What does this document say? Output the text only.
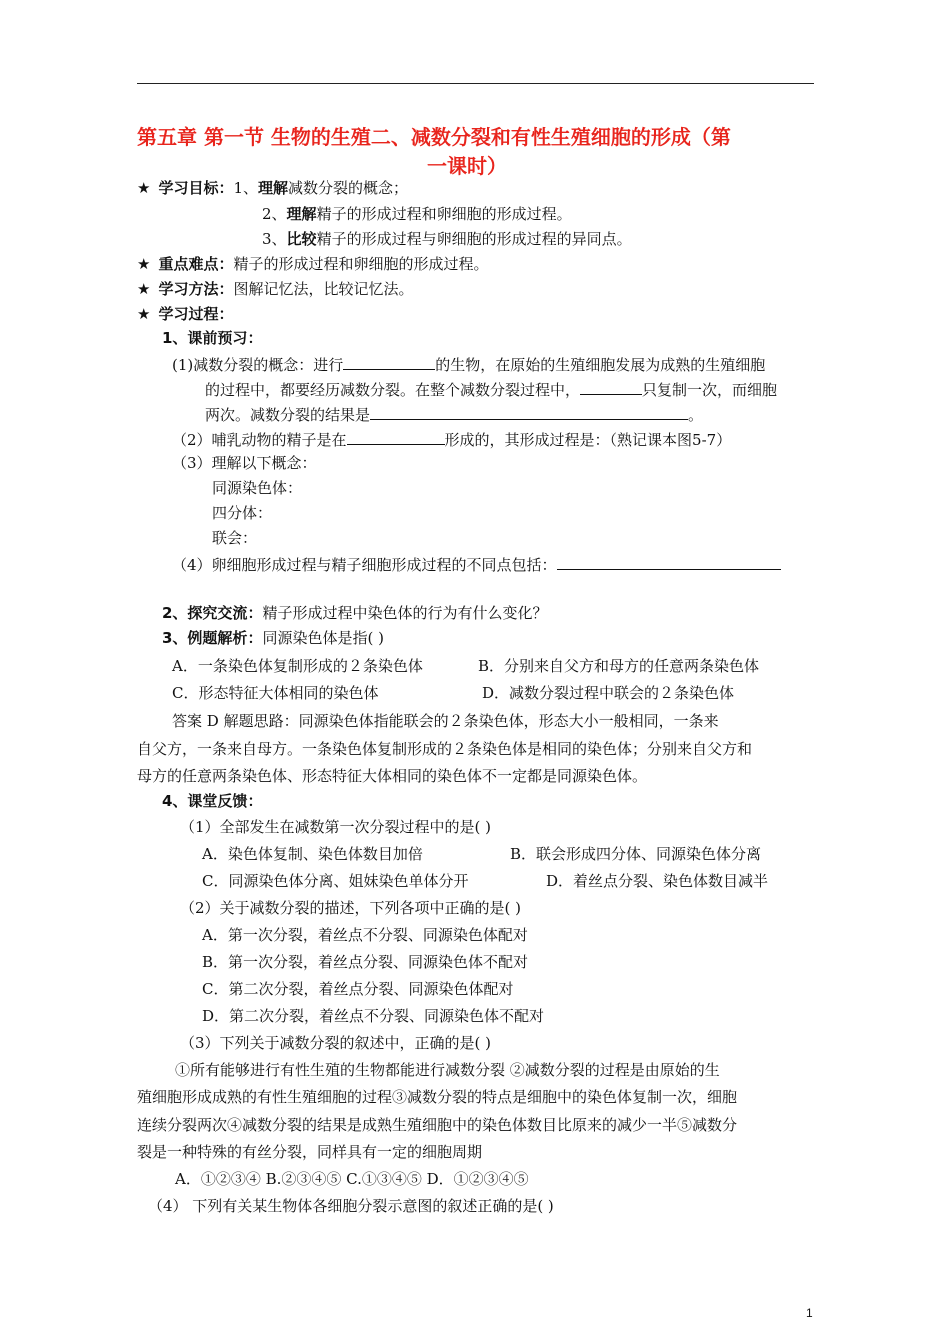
第五章 第一节 生物的生殖二、减数分裂和有性生殖细胞的形成（第
一课时）
★ 学习目标：1、理解减数分裂的概念；
2、理解精子的形成过程和卵细胞的形成过程。
3、比较精子的形成过程与卵细胞的形成过程的异同点。
★ 重点难点：精子的形成过程和卵细胞的形成过程。
★ 学习方法：图解记忆法，比较记忆法。
★ 学习过程：
1、课前预习：
(1)减数分裂的概念：进行	的生物，在原始的生殖细胞发展为成熟的生殖细胞
的过程中，都要经历减数分裂。在整个减数分裂过程中，	只复制一次，而细胞
两次。减数分裂的结果是	。
（2）哺乳动物的精子是在	形成的，其形成过程是：（熟记课本图5-7）
（3）理解以下概念：
同源染色体：
四分体：
联会：
（4）卵细胞形成过程与精子细胞形成过程的不同点包括：
2、探究交流：精子形成过程中染色体的行为有什么变化？
3、例题解析：同源染色体是指( )
A．一条染色体复制形成的２条染色体	B．分别来自父方和母方的任意两条染色体
C．形态特征大体相同的染色体	D．减数分裂过程中联会的２条染色体
答案 D 解题思路：同源染色体指能联会的２条染色体，形态大小一般相同，一条来
自父方，一条来自母方。一条染色体复制形成的２条染色体是相同的染色体；分别来自父方和
母方的任意两条染色体、形态特征大体相同的染色体不一定都是同源染色体。
4、课堂反馈：
（1）全部发生在减数第一次分裂过程中的是( )
A．染色体复制、染色体数目加倍	B．联会形成四分体、同源染色体分离
C．同源染色体分离、姐妹染色单体分开	D．着丝点分裂、染色体数目减半
（2）关于减数分裂的描述，下列各项中正确的是( )
A．第一次分裂，着丝点不分裂、同源染色体配对
B．第一次分裂，着丝点分裂、同源染色体不配对
C．第二次分裂，着丝点分裂、同源染色体配对
D．第二次分裂，着丝点不分裂、同源染色体不配对
（3）下列关于减数分裂的叙述中，正确的是( )
①所有能够进行有性生殖的生物都能进行减数分裂 ②减数分裂的过程是由原始的生
殖细胞形成成熟的有性生殖细胞的过程③减数分裂的特点是细胞中的染色体复制一次，细胞
连续分裂两次④减数分裂的结果是成熟生殖细胞中的染色体数目比原来的减少一半⑤减数分
裂是一种特殊的有丝分裂，同样具有一定的细胞周期
A．①②③④ B.②③④⑤ C.①③④⑤ D．①②③④⑤
（4） 下列有关某生物体各细胞分裂示意图的叙述正确的是( )
1
